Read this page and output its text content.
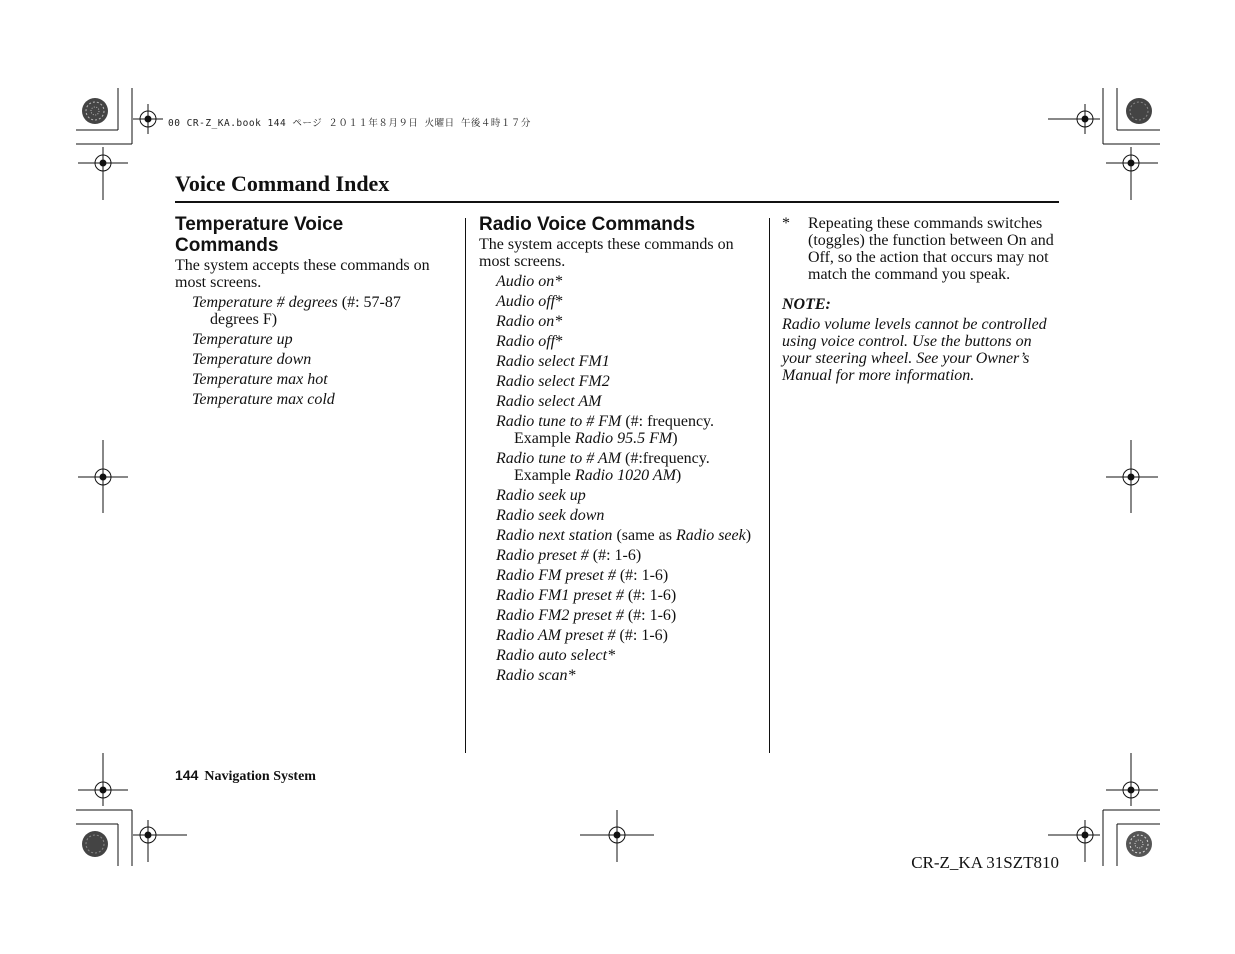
00 CR-Z_KA.book 144 ページ ２０１１年８月９日 火曜日 午後４時１７分
Voice Command Index
Temperature Voice Commands
The system accepts these commands on most screens.
Temperature # degrees (#: 57-87 degrees F)
Temperature up
Temperature down
Temperature max hot
Temperature max cold
Radio Voice Commands
The system accepts these commands on most screens.
Audio on*
Audio off*
Radio on*
Radio off*
Radio select FM1
Radio select FM2
Radio select AM
Radio tune to # FM (#: frequency. Example Radio 95.5 FM)
Radio tune to # AM (#:frequency. Example Radio 1020 AM)
Radio seek up
Radio seek down
Radio next station (same as Radio seek)
Radio preset # (#: 1-6)
Radio FM preset # (#: 1-6)
Radio FM1 preset # (#: 1-6)
Radio FM2 preset # (#: 1-6)
Radio AM preset # (#: 1-6)
Radio auto select*
Radio scan*
* Repeating these commands switches (toggles) the function between On and Off, so the action that occurs may not match the command you speak.
NOTE:
Radio volume levels cannot be controlled using voice control. Use the buttons on your steering wheel. See your Owner’s Manual for more information.
144 Navigation System
CR-Z_KA 31SZT810
